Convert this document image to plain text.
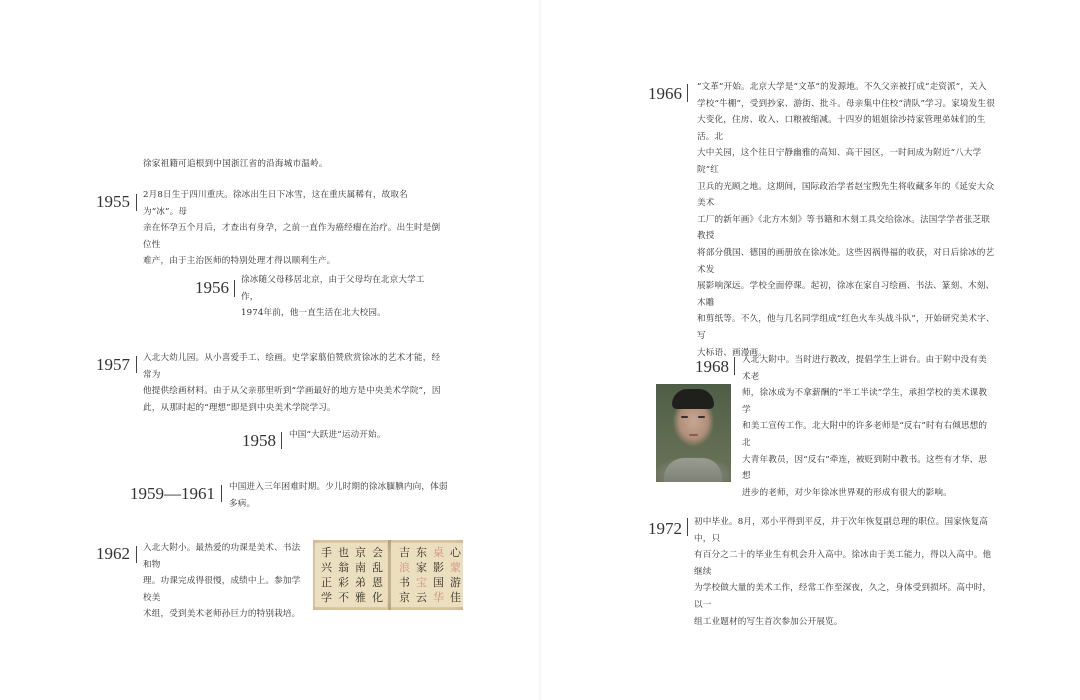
徐家祖籍可追根到中国浙江省的沿海城市温岭。
1955 2月8日生于四川重庆。徐冰出生日下冰雪，这在重庆属稀有，故取名为“冰”。母
亲在怀孕五个月后，才查出有身孕，之前一直作为癌经瘤在治疗。出生时是倒位性
难产，由于主治医师的特别处理才得以顺利生产。
1956 徐冰随父母移居北京，由于父母均在北京大学工作，
1974年前，他一直生活在北大校园。
1957 入北大幼儿园。从小喜爱手工、绘画。史学家翦伯赞欣赏徐冰的艺术才能，经常为
他提供绘画材料。由于从父亲那里听到“学画最好的地方是中央美术学院”，因
此，从那时起的“理想”即是到中央美术学院学习。
1958 中国“大跃进”运动开始。
1959—1961 中国进入三年困难时期。少儿时期的徐冰腼腆内向，体弱
多病。
1962 入北大附小。最热爱的功课是美术、书法和物
理。功课完成得很慢，成绩中上。参加学校美
术组，受到美术老师孙巨力的特别栽培。
会
乱
恩
化
京
南
弟
雅
也
翁
彩
不
手
兴
正
学
心
蒙
游
佳
桌
影
国
华
东
家
宝
云
吉
浪
书
京
1966 “文革”开始。北京大学是“文革”的发源地。不久父亲被打成“走资派”，关入
学校“牛棚”，受到抄家、游街、批斗。母亲集中住校“清队”学习。家境发生很
大变化，住房、收入、口粮被缩减。十四岁的姐姐徐沙持家管理弟妹们的生活。北
大中关园，这个往日宁静幽雅的高知、高干园区，一时间成为附近“八大学院”红
卫兵的光顾之地。这期间，国际政治学者赵宝煦先生将收藏多年的《延安大众美术
工厂的新年画》《北方木刻》等书籍和木刻工具交给徐冰。法国学学者张芝联教授
将部分俄国、德国的画册放在徐冰处。这些因祸得福的收获，对日后徐冰的艺术发
展影响深远。学校全面停课。起初，徐冰在家自习绘画、书法、篆刻、木刻、木雕
和剪纸等。不久，他与几名同学组成“红色火车头战斗队”，开始研究美术字、写
大标语、画漫画。
1968 入北大附中。当时进行教改，提倡学生上讲台。由于附中没有美术老
师，徐冰成为不拿薪酬的“半工半读”学生，承担学校的美术课教学
和美工宣传工作。北大附中的许多老师是“反右”时有右倾思想的北
大青年教员，因“反右”牵连，被贬到附中教书。这些有才华、思想
进步的老师，对少年徐冰世界观的形成有很大的影响。
1972 初中毕业。8月，邓小平得到平反，并于次年恢复副总理的职位。国家恢复高中，只
有百分之二十的毕业生有机会升入高中。徐冰由于美工能力，得以入高中。他继续
为学校做大量的美术工作，经常工作至深夜，久之，身体受到损坏。高中时，以一
组工业题材的写生首次参加公开展览。
